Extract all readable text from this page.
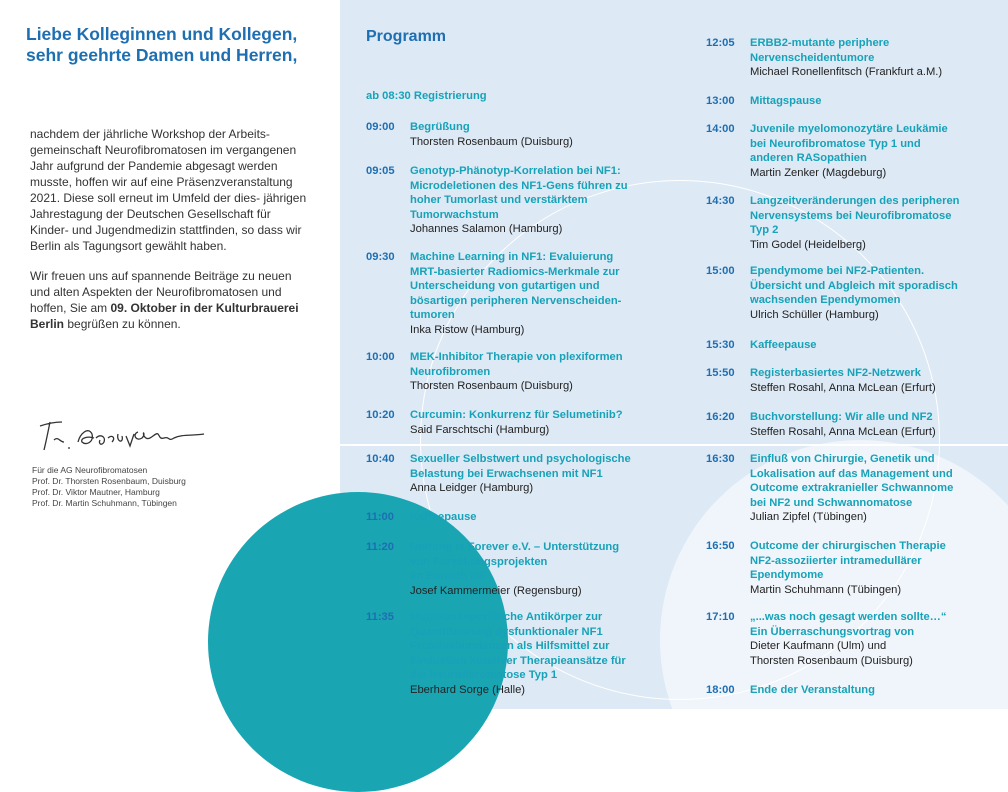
Liebe Kolleginnen und Kollegen,
sehr geehrte Damen und Herren,

nachdem der jährliche Workshop der Arbeits- gemeinschaft Neurofibromatosen im vergangenen Jahr aufgrund der Pandemie abgesagt werden musste, hoffen wir auf eine Präsenzveranstaltung 2021. Diese soll erneut im Umfeld der dies- jährigen Jahrestagung der Deutschen Gesellschaft für Kinder- und Jugendmedizin stattfinden, so dass wir Berlin als Tagungsort gewählt haben.

Wir freuen uns auf spannende Beiträge zu neuen und alten Aspekten der Neurofibromatosen und hoffen, Sie am 09. Oktober in der Kulturbrauerei Berlin begrüßen zu können.

Für die AG Neurofibromatosen
Prof. Dr. Thorsten Rosenbaum, Duisburg
Prof. Dr. Viktor Mautner, Hamburg
Prof. Dr. Martin Schuhmann, Tübingen
Programm
ab 08:30 Registrierung
09:00 Begrüßung
Thorsten Rosenbaum (Duisburg)
09:05 Genotyp-Phänotyp-Korrelation bei NF1:
Microdeletionen des NF1-Gens führen zu
hoher Tumorlast und verstärktem
Tumorwachstum
Johannes Salamon (Hamburg)
09:30 Machine Learning in NF1: Evaluierung
MRT-basierter Radiomics-Merkmale zur
Unterscheidung von gutartigen und
bösartigen peripheren Nervenscheiden-
tumoren
Inka Ristow (Hamburg)
10:00 MEK-Inhibitor Therapie von plexiformen
Neurofibromen
Thorsten Rosenbaum (Duisburg)
10:20 Curcumin: Konkurrenz für Selumetinib?
Said Farschtschi (Hamburg)
10:40 Sexueller Selbstwert und psychologische
Belastung bei Erwachsenen mit NF1
Anna Leidger (Hamburg)
11:00 Kaffeepause
11:20 Nothing is Forever e.V. – Unterstützung
von Forschungsprojekten
im Bereich NF
Josef Kammermeier (Regensburg)
11:35 Mutationsspezifische Antikörper zur
Quantifizierung dysfunktionaler NF1
Proteinabundanzen als Hilfsmittel zur
Evaluation kurativer Therapieansätze für
die Neurofibromatose Typ 1
Eberhard Sorge (Halle)
12:05 ERBB2-mutante periphere
Nervenscheidentumore
Michael Ronellenfitsch (Frankfurt a.M.)
13:00 Mittagspause
14:00 Juvenile myelomonozytäre Leukämie
bei Neurofibromatose Typ 1 und
anderen RASopathien
Martin Zenker (Magdeburg)
14:30 Langzeitveränderungen des peripheren
Nervensystems bei Neurofibromatose
Typ 2
Tim Godel (Heidelberg)
15:00 Ependymome bei NF2-Patienten.
Übersicht und Abgleich mit sporadisch
wachsenden Ependymomen
Ulrich Schüller (Hamburg)
15:30 Kaffeepause
15:50 Registerbasiertes NF2-Netzwerk
Steffen Rosahl, Anna McLean (Erfurt)
16:20 Buchvorstellung: Wir alle und NF2
Steffen Rosahl, Anna McLean (Erfurt)
16:30 Einfluß von Chirurgie, Genetik und
Lokalisation auf das Management und
Outcome extrakranieller Schwannome
bei NF2 und Schwannomatose
Julian Zipfel (Tübingen)
16:50 Outcome der chirurgischen Therapie
NF2-assoziierter intramedullärer
Ependymome
Martin Schuhmann (Tübingen)
17:10 „...was noch gesagt werden sollte…“
Ein Überraschungsvortrag von
Dieter Kaufmann (Ulm) und
Thorsten Rosenbaum (Duisburg)
18:00 Ende der Veranstaltung
